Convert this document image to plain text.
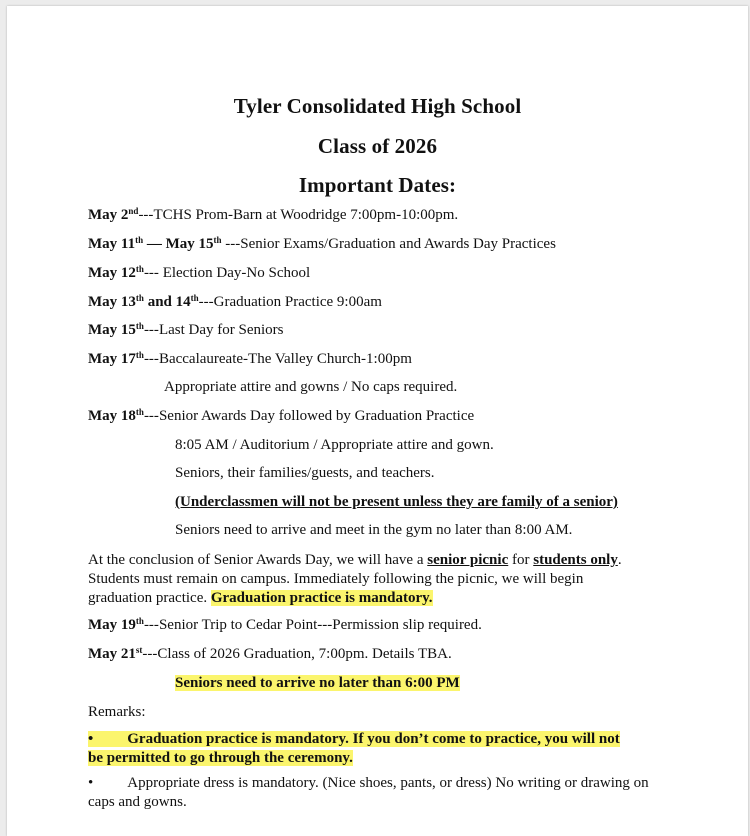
Tyler Consolidated High School
Class of 2026
Important Dates:
May 2nd---TCHS Prom-Barn at Woodridge 7:00pm-10:00pm.
May 11th — May 15th ---Senior Exams/Graduation and Awards Day Practices
May 12th--- Election Day-No School
May 13th and 14th---Graduation Practice 9:00am
May 15th---Last Day for Seniors
May 17th---Baccalaureate-The Valley Church-1:00pm
Appropriate attire and gowns / No caps required.
May 18th---Senior Awards Day followed by Graduation Practice
8:05 AM / Auditorium / Appropriate attire and gown.
Seniors, their families/guests, and teachers.
(Underclassmen will not be present unless they are family of a senior)
Seniors need to arrive and meet in the gym no later than 8:00 AM.
At the conclusion of Senior Awards Day, we will have a senior picnic for students only. Students must remain on campus. Immediately following the picnic, we will begin graduation practice. Graduation practice is mandatory.
May 19th---Senior Trip to Cedar Point---Permission slip required.
May 21st---Class of 2026 Graduation, 7:00pm. Details TBA.
Seniors need to arrive no later than 6:00 PM
Remarks:
• Graduation practice is mandatory. If you don’t come to practice, you will not be permitted to go through the ceremony.
• Appropriate dress is mandatory. (Nice shoes, pants, or dress) No writing or drawing on caps and gowns.
